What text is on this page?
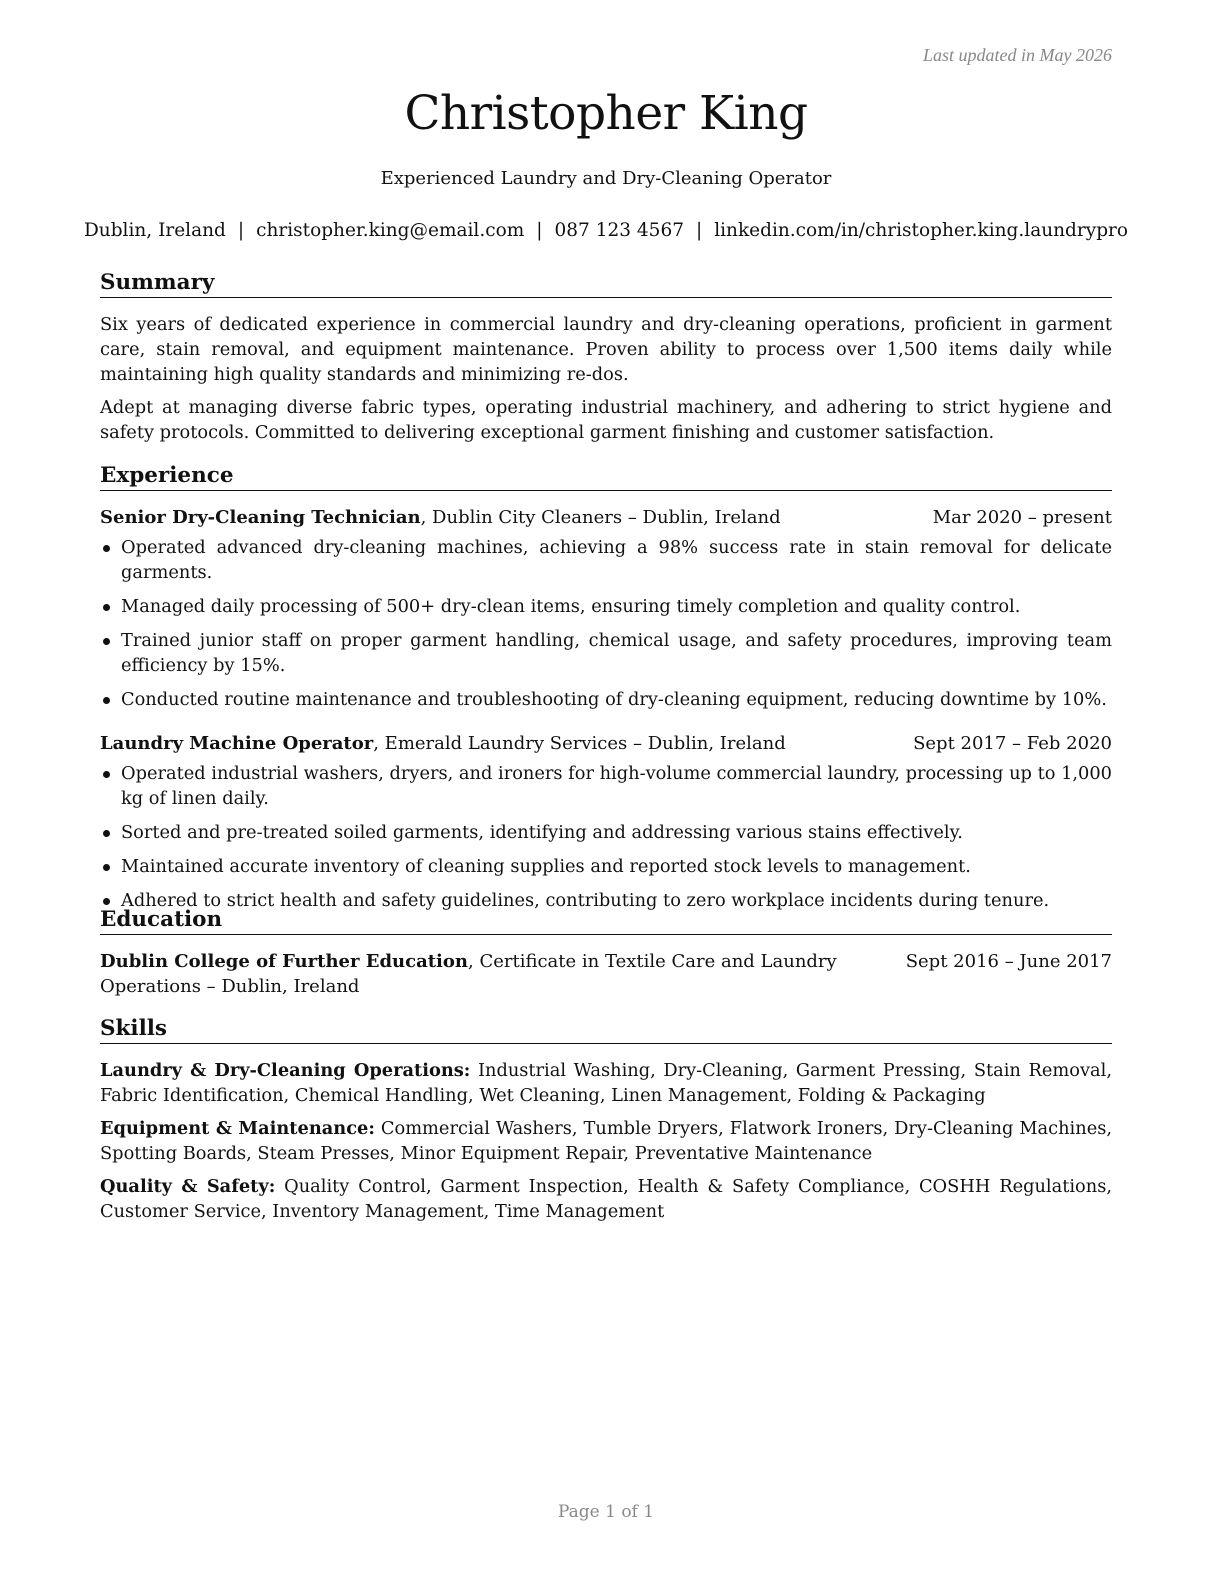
Last updated in May 2026
Christopher King
Experienced Laundry and Dry-Cleaning Operator
Dublin, Ireland | christopher.king@email.com | 087 123 4567 | linkedin.com/in/christopher.king.laundrypro
Summary

Six years of dedicated experience in commercial laundry and dry-cleaning operations, proficient in garment care, stain removal, and equipment maintenance. Proven ability to process over 1,500 items daily while maintaining high quality standards and minimizing re-dos.

Adept at managing diverse fabric types, operating industrial machinery, and adhering to strict hygiene and safety protocols. Committed to delivering exceptional garment finishing and customer satisfaction.

Experience
Senior Dry-Cleaning Technician, Dublin City Cleaners – Dublin, Ireland	Mar 2020 – present
Operated advanced dry-cleaning machines, achieving a 98% success rate in stain removal for delicate garments.
Managed daily processing of 500+ dry-clean items, ensuring timely completion and quality control.
Trained junior staff on proper garment handling, chemical usage, and safety procedures, improving team efficiency by 15%.
Conducted routine maintenance and troubleshooting of dry-cleaning equipment, reducing downtime by 10%.
Laundry Machine Operator, Emerald Laundry Services – Dublin, Ireland	Sept 2017 – Feb 2020
Operated industrial washers, dryers, and ironers for high-volume commercial laundry, processing up to 1,000 kg of linen daily.
Sorted and pre-treated soiled garments, identifying and addressing various stains effectively.
Maintained accurate inventory of cleaning supplies and reported stock levels to management.
Adhered to strict health and safety guidelines, contributing to zero workplace incidents during tenure.
Education
Dublin College of Further Education, Certificate in Textile Care and Laundry Operations – Dublin, Ireland
Sept 2016 – June 2017
Skills

Laundry & Dry-Cleaning Operations: Industrial Washing, Dry-Cleaning, Garment Pressing, Stain Removal, Fabric Identification, Chemical Handling, Wet Cleaning, Linen Management, Folding & Packaging

Equipment & Maintenance: Commercial Washers, Tumble Dryers, Flatwork Ironers, Dry-Cleaning Machines, Spotting Boards, Steam Presses, Minor Equipment Repair, Preventative Maintenance

Quality & Safety: Quality Control, Garment Inspection, Health & Safety Compliance, COSHH Regulations, Customer Service, Inventory Management, Time Management

Page 1 of 1
